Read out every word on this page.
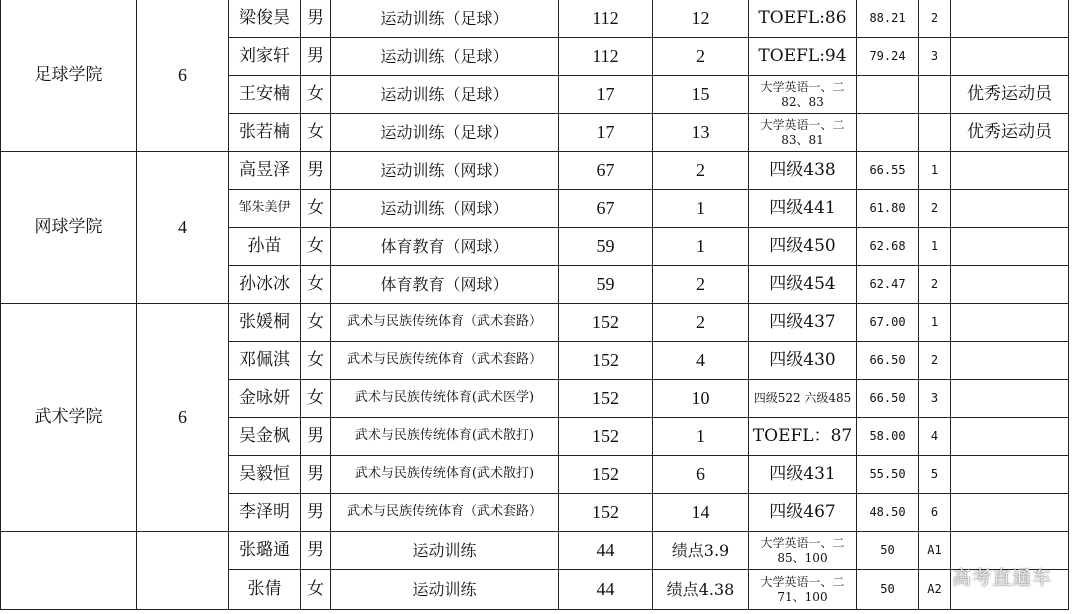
足球学院	6	梁俊昊	男	运动训练（足球）	112	12	TOEFL:86	88.21	2	
		刘家轩	男	运动训练（足球）	112	2	TOEFL:94	79.24	3	
		王安楠	女	运动训练（足球）	17	15	大学英语一、二82、83			优秀运动员
		张若楠	女	运动训练（足球）	17	13	大学英语一、二83、81			优秀运动员
网球学院	4	高昱泽	男	运动训练（网球）	67	2	四级438	66.55	1	
		邹朱美伊	女	运动训练（网球）	67	1	四级441	61.80	2	
		孙苗	女	体育教育（网球）	59	1	四级450	62.68	1	
		孙冰冰	女	体育教育（网球）	59	2	四级454	62.47	2	
武术学院	6	张媛桐	女	武术与民族传统体育（武术套路）	152	2	四级437	67.00	1	
		邓佩淇	女	武术与民族传统体育（武术套路）	152	4	四级430	66.50	2	
		金咏妍	女	武术与民族传统体育(武术医学)	152	10	四级522 六级485	66.50	3	
		吴金枫	男	武术与民族传统体育(武术散打)	152	1	TOEFL：87	58.00	4	
		吴毅恒	男	武术与民族传统体育(武术散打)	152	6	四级431	55.50	5	
		李泽明	男	武术与民族传统体育（武术套路）	152	14	四级467	48.50	6	
		张璐通	男	运动训练	44	绩点3.9	大学英语一、二85、100	50	A1	
		张倩	女	运动训练	44	绩点4.38	大学英语一、二71、100	50	A2	高考直通车
